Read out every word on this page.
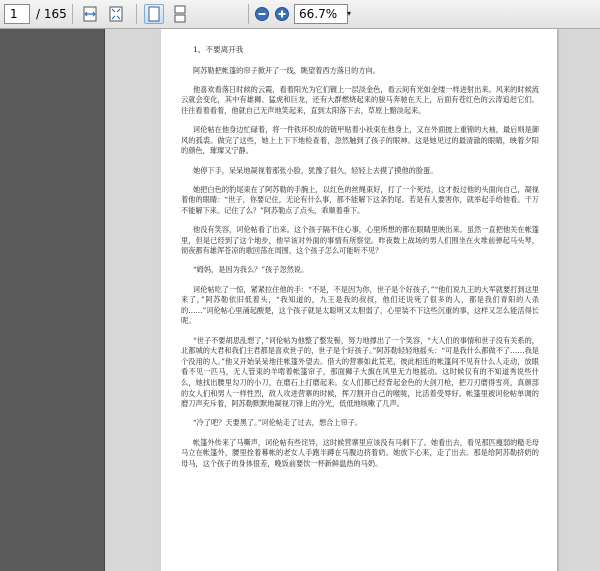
1	/ 165	66.7%	▾
1、不要离开我

阿苏勒把帐篷的帘子掀开了一线，眺望着西方落日的方向。

他喜欢看落日时候的云霞，看着阳光为它们镀上一层淡金色，看云间有光如金缕一样迸射出来。风来的时候流云就会变化，其中有雄狮、猛虎和巨龙，还有大群燃烧起来的骏马奔驰在天上，后面有苍红色的云涛追赶它们。往往看着看着，他就自己无声地笑起来，直到太阳落下去，草原上黯淡起来。

诃伦帖在他身边忙碌着，将一件铁环织成的链甲贴着小袄束在他身上，又在外面披上重锦的大袖，最后则是御风的孤裘。做完了这些，她上上下下地检查着，忽然触到了孩子的眼神。这是她见过的最清澈的眼睛，映着夕阳的颜色，璀璨又宁静。

她停下手，呆呆地凝视着那张小脸，犹豫了很久，轻轻上去摸了摸他的脸蛋。

她把白色的豹尾束在了阿苏勒的手腕上，以红色的丝绳束好，打了一个死结，这才扳过他的头面向自己，凝视着他的眼睛：“世子，你要记住，无论有什么事，都不能解下这条豹尾。若是有人要害你，就举起手给他看。千万不能解下来。记住了么？”阿苏勒点了点头，乖顺着垂下。

他没有笑容，诃伦帖看了出来。这个孩子隔不住心事，心里所想的都在眼睛里映出来。虽然一直把他关在帐篷里，但是已经到了这个地步，他早该对外面的事情有所察觉。昨夜数上战场的男人们围坐在火堆前弹起马头琴，彻夜都有雄浑苍凉的歌回荡在周围，这个孩子怎么可能听不见？

“姆妈，是因为我么？”孩子忽然说。

诃伦帖吃了一惊，紧紧拉住他的手：“不是，不是因为你，世子是个好孩子，”“他们说九王的大军就要打到这里来了，”阿苏勒依旧低着头，“我知道的，九王是我的叔叔，他们还说死了很多的人，都是我们青阳的人杀的……”诃伦帖心里涌起酸楚，这个孩子就是太聪明又太胆弱了，心里装不下这些沉重的事，这样又怎么能活得长呢。

“世子不要胡思乱想了，”诃伦帖为他整了整发髻，努力地撑出了一个笑容，“大人们的事情和世子没有关系的，北都城的大君和我们主君都是喜欢世子的，世子是个好孩子。”阿苏勒轻轻地摇头：“可是我什么都做不了……我是个没用的人。”他又开始呆呆地往帐篷外望去。借大的营寨如此荒芜，彼此相连的帐篷间不见有什么人走动，放眼看不见一匹马，无人管束的羊啃着帐篷帘子，那面狮子大旗在风里无力地摇动。这时候仅有的不知道秀说些什么，她找出腰里勾刀的小刀，在磨石上打磨起来。女人们都已经背起金色的大剑刀枪，把刀刃磨得雪亮，真颜部的女人们和男人一样性烈，敌人攻进营寨的时候，挥刀割开自己的喉咙，比活着受辱好。帐篷里被诃伦帖单调的磨刀声充斥着，阿苏勒默默地凝视刀锋上的冷光，低低地咳嗽了几声。

“冷了吧？天要黑了。”诃伦帖走了过去，想合上帘子。

帐篷外传来了马嘶声，诃伦帖有些诧异，这时候营寨里应该没有马剩下了。她看出去，看见那匹瘦弱的糙毛母马立在帐篷外，腰里拴着幕帐的老女人手跑半蹲在马腹边挤着奶。她放下心来，走了出去。那是给阿苏勒挤奶的母马，这个孩子的身体很差，晚饭前要饮一杯新鲜温热的马奶。
